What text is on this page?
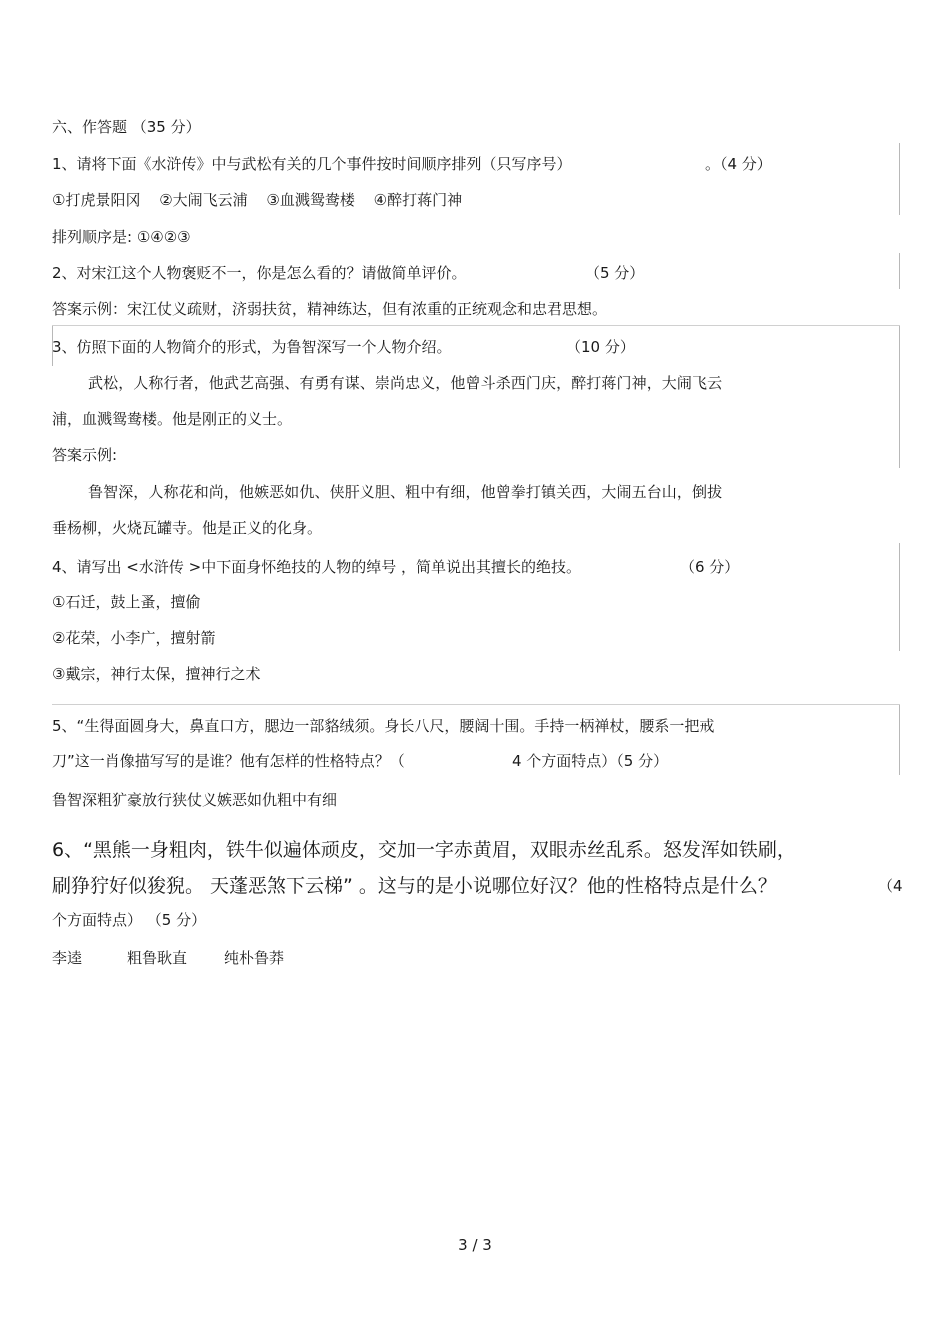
六、作答题 （35 分）
1、请将下面《水浒传》中与武松有关的几个事件按时间顺序排列（只写序号）	。（4 分）
①打虎景阳冈 ②大闹飞云浦 ③血溅鸳鸯楼 ④醉打蒋门神
排列顺序是: ①④②③
2、对宋江这个人物褒贬不一，你是怎么看的？请做简单评价。	（5 分）
答案示例：宋江仗义疏财，济弱扶贫，精神练达，但有浓重的正统观念和忠君思想。
3、仿照下面的人物简介的形式，为鲁智深写一个人物介绍。	（10 分）
武松，人称行者，他武艺高强、有勇有谋、崇尚忠义，他曾斗杀西门庆，醉打蒋门神，大闹飞云
浦，血溅鸳鸯楼。他是刚正的义士。
答案示例:
鲁智深，人称花和尚，他嫉恶如仇、侠肝义胆、粗中有细，他曾拳打镇关西，大闹五台山，倒拔
垂杨柳，火烧瓦罐寺。他是正义的化身。
4、请写出 <水浒传 >中下面身怀绝技的人物的绰号 ，简单说出其擅长的绝技。	（6 分）
①石迁，鼓上蚤，擅偷
②花荣，小李广，擅射箭
③戴宗，神行太保，擅神行之术
5、“生得面圆身大，鼻直口方，腮边一部貉绒须。身长八尺，腰阔十围。手持一柄禅杖，腰系一把戒
刀”这一肖像描写写的是谁？他有怎样的性格特点？（	4 个方面特点）（5 分）
鲁智深粗犷豪放行狭仗义嫉恶如仇粗中有细
6、“黑熊一身粗肉，铁牛似遍体顽皮，交加一字赤黄眉，双眼赤丝乱系。怒发浑如铁刷，
刷狰狞好似狻猊。 天蓬恶煞下云梯” 。这与的是小说哪位好汉？他的性格特点是什么？	（4
个方面特点） （5 分）
李逵	粗鲁耿直 纯朴鲁莽
3 / 3
